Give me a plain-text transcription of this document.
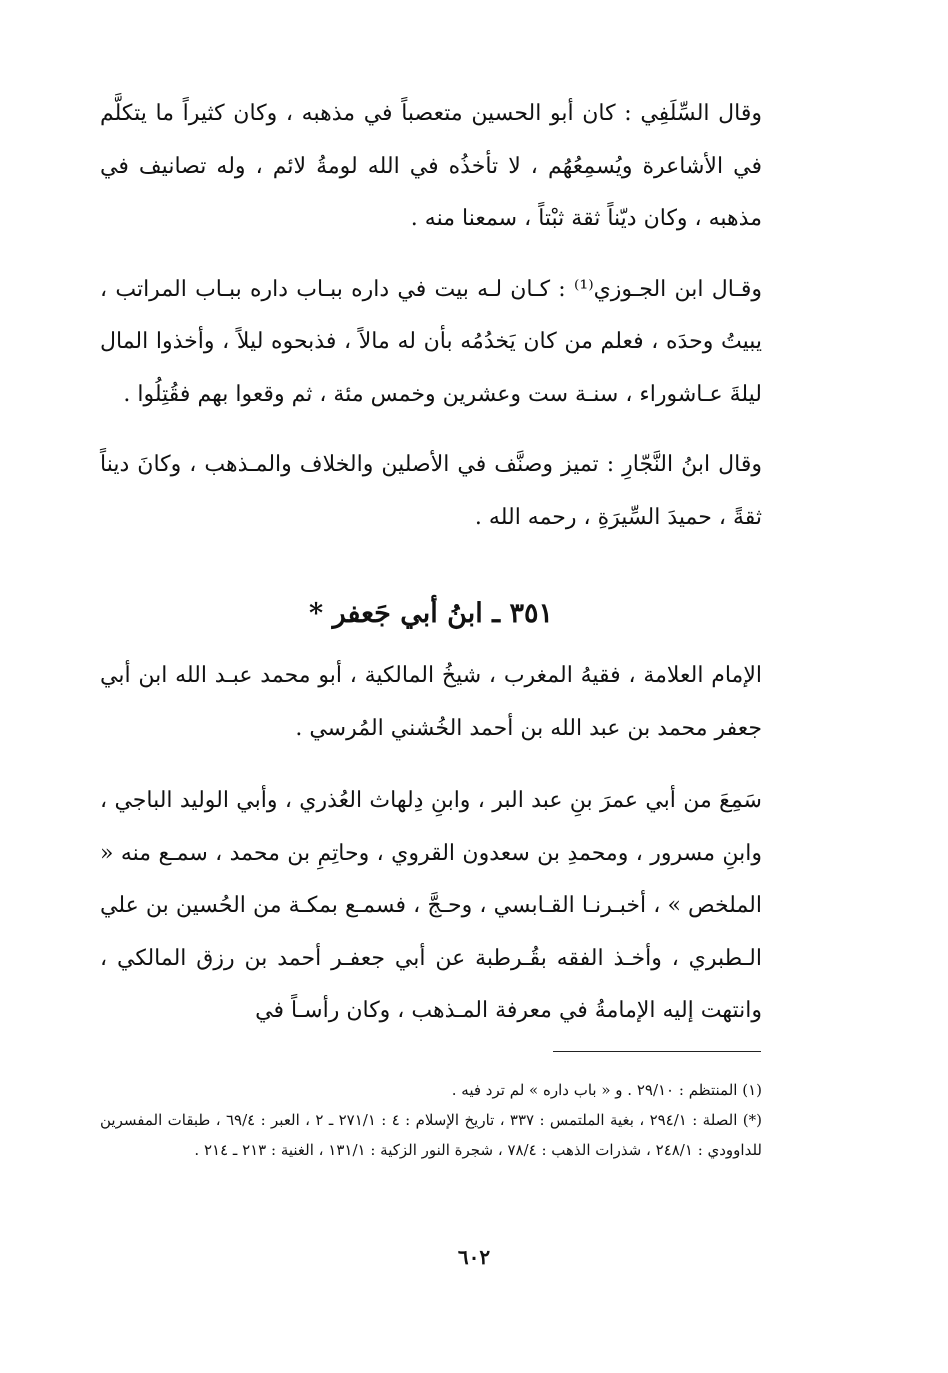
وقال السِّلَفِي : كان أبو الحسين متعصباً في مذهبه ، وكان كثيراً ما يتكلَّم في الأشاعرة ويُسمِعُهُم ، لا تأخذُه في الله لومةُ لائم ، وله تصانيف في مذهبه ، وكان ديّناً ثقة ثبْتاً ، سمعنا منه .

وقـال ابن الجـوزي⁽¹⁾ : كـان لـه بيت في داره ببـاب داره ببـاب المراتب ، يبيتُ وحدَه ، فعلم من كان يَخدُمُه بأن له مالاً ، فذبحوه ليلاً ، وأخذوا المال ليلةَ عـاشوراء ، سنـة ست وعشرين وخمس مئة ، ثم وقعوا بهم فقُتِلُوا .

وقال ابنُ النَّجّارِ : تميز وصنَّف في الأصلين والخلاف والمـذهب ، وكانَ ديناً ثقةً ، حميدَ السِّيرَةِ ، رحمه الله .

٣٥١ ـ ابنُ أبي جَعفر *

الإمام العلامة ، فقيهُ المغرب ، شيخُ المالكية ، أبو محمد عبـد الله ابن أبي جعفر محمد بن عبد الله بن أحمد الخُشني المُرسي .

سَمِعَ من أبي عمرَ بنِ عبد البر ، وابنِ دِلهاث العُذري ، وأبي الوليد الباجي ، وابنِ مسرور ، ومحمدِ بن سعدون القروي ، وحاتِمِ بن محمد ، سمـع منه « الملخص » ، أخبـرنـا القـابسي ، وحـجَّ ، فسمـع بمكـة من الحُسين بن علي الـطبري ، وأخـذ الفقه بقُـرطبة عن أبي جعفـر أحمد بن رزق المالكي ، وانتهت إليه الإمامةُ في معرفة المـذهب ، وكان رأسـاً في

(١) المنتظم : ٢٩/١٠ . و « باب داره » لم ترد فيه .

(*) الصلة : ٢٩٤/١ ، بغية الملتمس : ٣٣٧ ، تاريخ الإسلام : ٤ : ٢٧١/١ ـ ٢ ، العبر : ٦٩/٤ ، طبقات المفسرين للداوودي : ٢٤٨/١ ، شذرات الذهب : ٧٨/٤ ، شجرة النور الزكية : ١٣١/١ ، الغنية : ٢١٣ ـ ٢١٤ .

٦٠٢
